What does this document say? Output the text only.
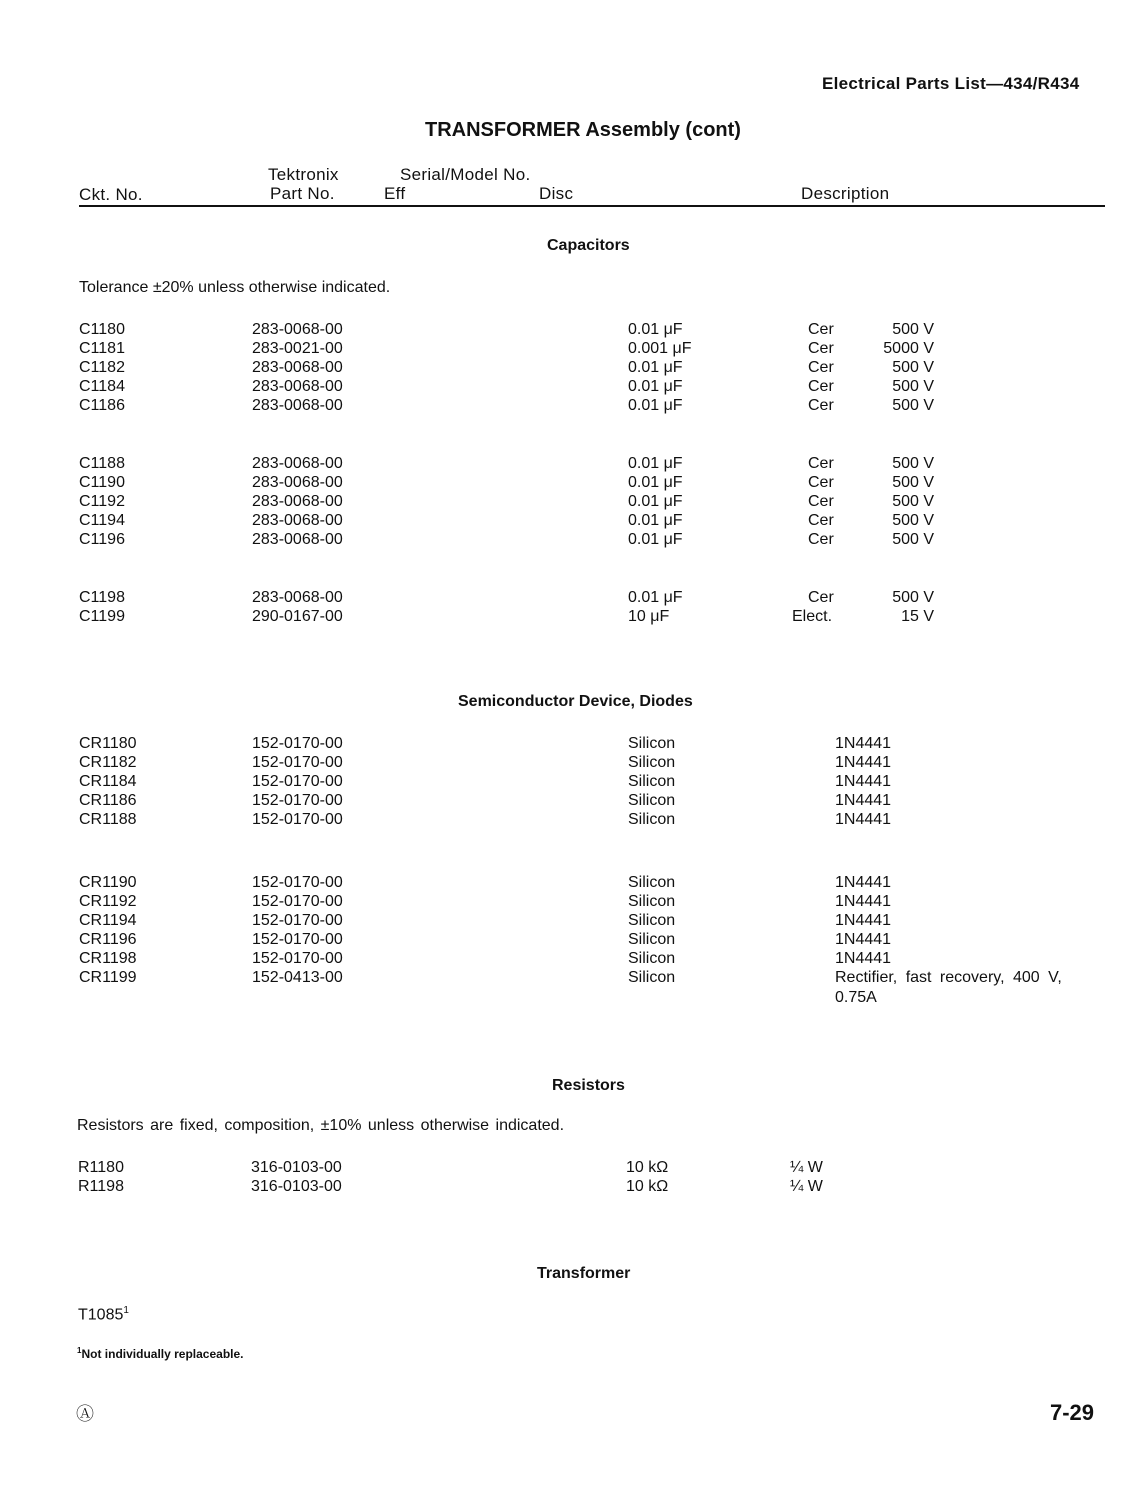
Electrical Parts List—434/R434
TRANSFORMER Assembly (cont)
Tektronix	Serial/Model No.
Ckt. No.	Part No.	Eff	Disc	Description
Capacitors
Tolerance ±20% unless otherwise indicated.
C1180	283-0068-00	0.01 μF	Cer	500 V
C1181	283-0021-00	0.001 μF	Cer	5000 V
C1182	283-0068-00	0.01 μF	Cer	500 V
C1184	283-0068-00	0.01 μF	Cer	500 V
C1186	283-0068-00	0.01 μF	Cer	500 V
C1188	283-0068-00	0.01 μF	Cer	500 V
C1190	283-0068-00	0.01 μF	Cer	500 V
C1192	283-0068-00	0.01 μF	Cer	500 V
C1194	283-0068-00	0.01 μF	Cer	500 V
C1196	283-0068-00	0.01 μF	Cer	500 V
C1198	283-0068-00	0.01 μF	Cer	500 V
C1199	290-0167-00	10 μF	Elect.	15 V
Semiconductor Device, Diodes
CR1180	152-0170-00	Silicon	1N4441
CR1182	152-0170-00	Silicon	1N4441
CR1184	152-0170-00	Silicon	1N4441
CR1186	152-0170-00	Silicon	1N4441
CR1188	152-0170-00	Silicon	1N4441
CR1190	152-0170-00	Silicon	1N4441
CR1192	152-0170-00	Silicon	1N4441
CR1194	152-0170-00	Silicon	1N4441
CR1196	152-0170-00	Silicon	1N4441
CR1198	152-0170-00	Silicon	1N4441
CR1199	152-0413-00	Silicon	Rectifier, fast recovery, 400 V,
0.75A
Resistors
Resistors are fixed, composition, ±10% unless otherwise indicated.
R1180	316-0103-00	10 kΩ	¼ W
R1198	316-0103-00	10 kΩ	¼ W
Transformer
T1085$^1$
$^1$Not individually replaceable.
Ⓐ	7-29
